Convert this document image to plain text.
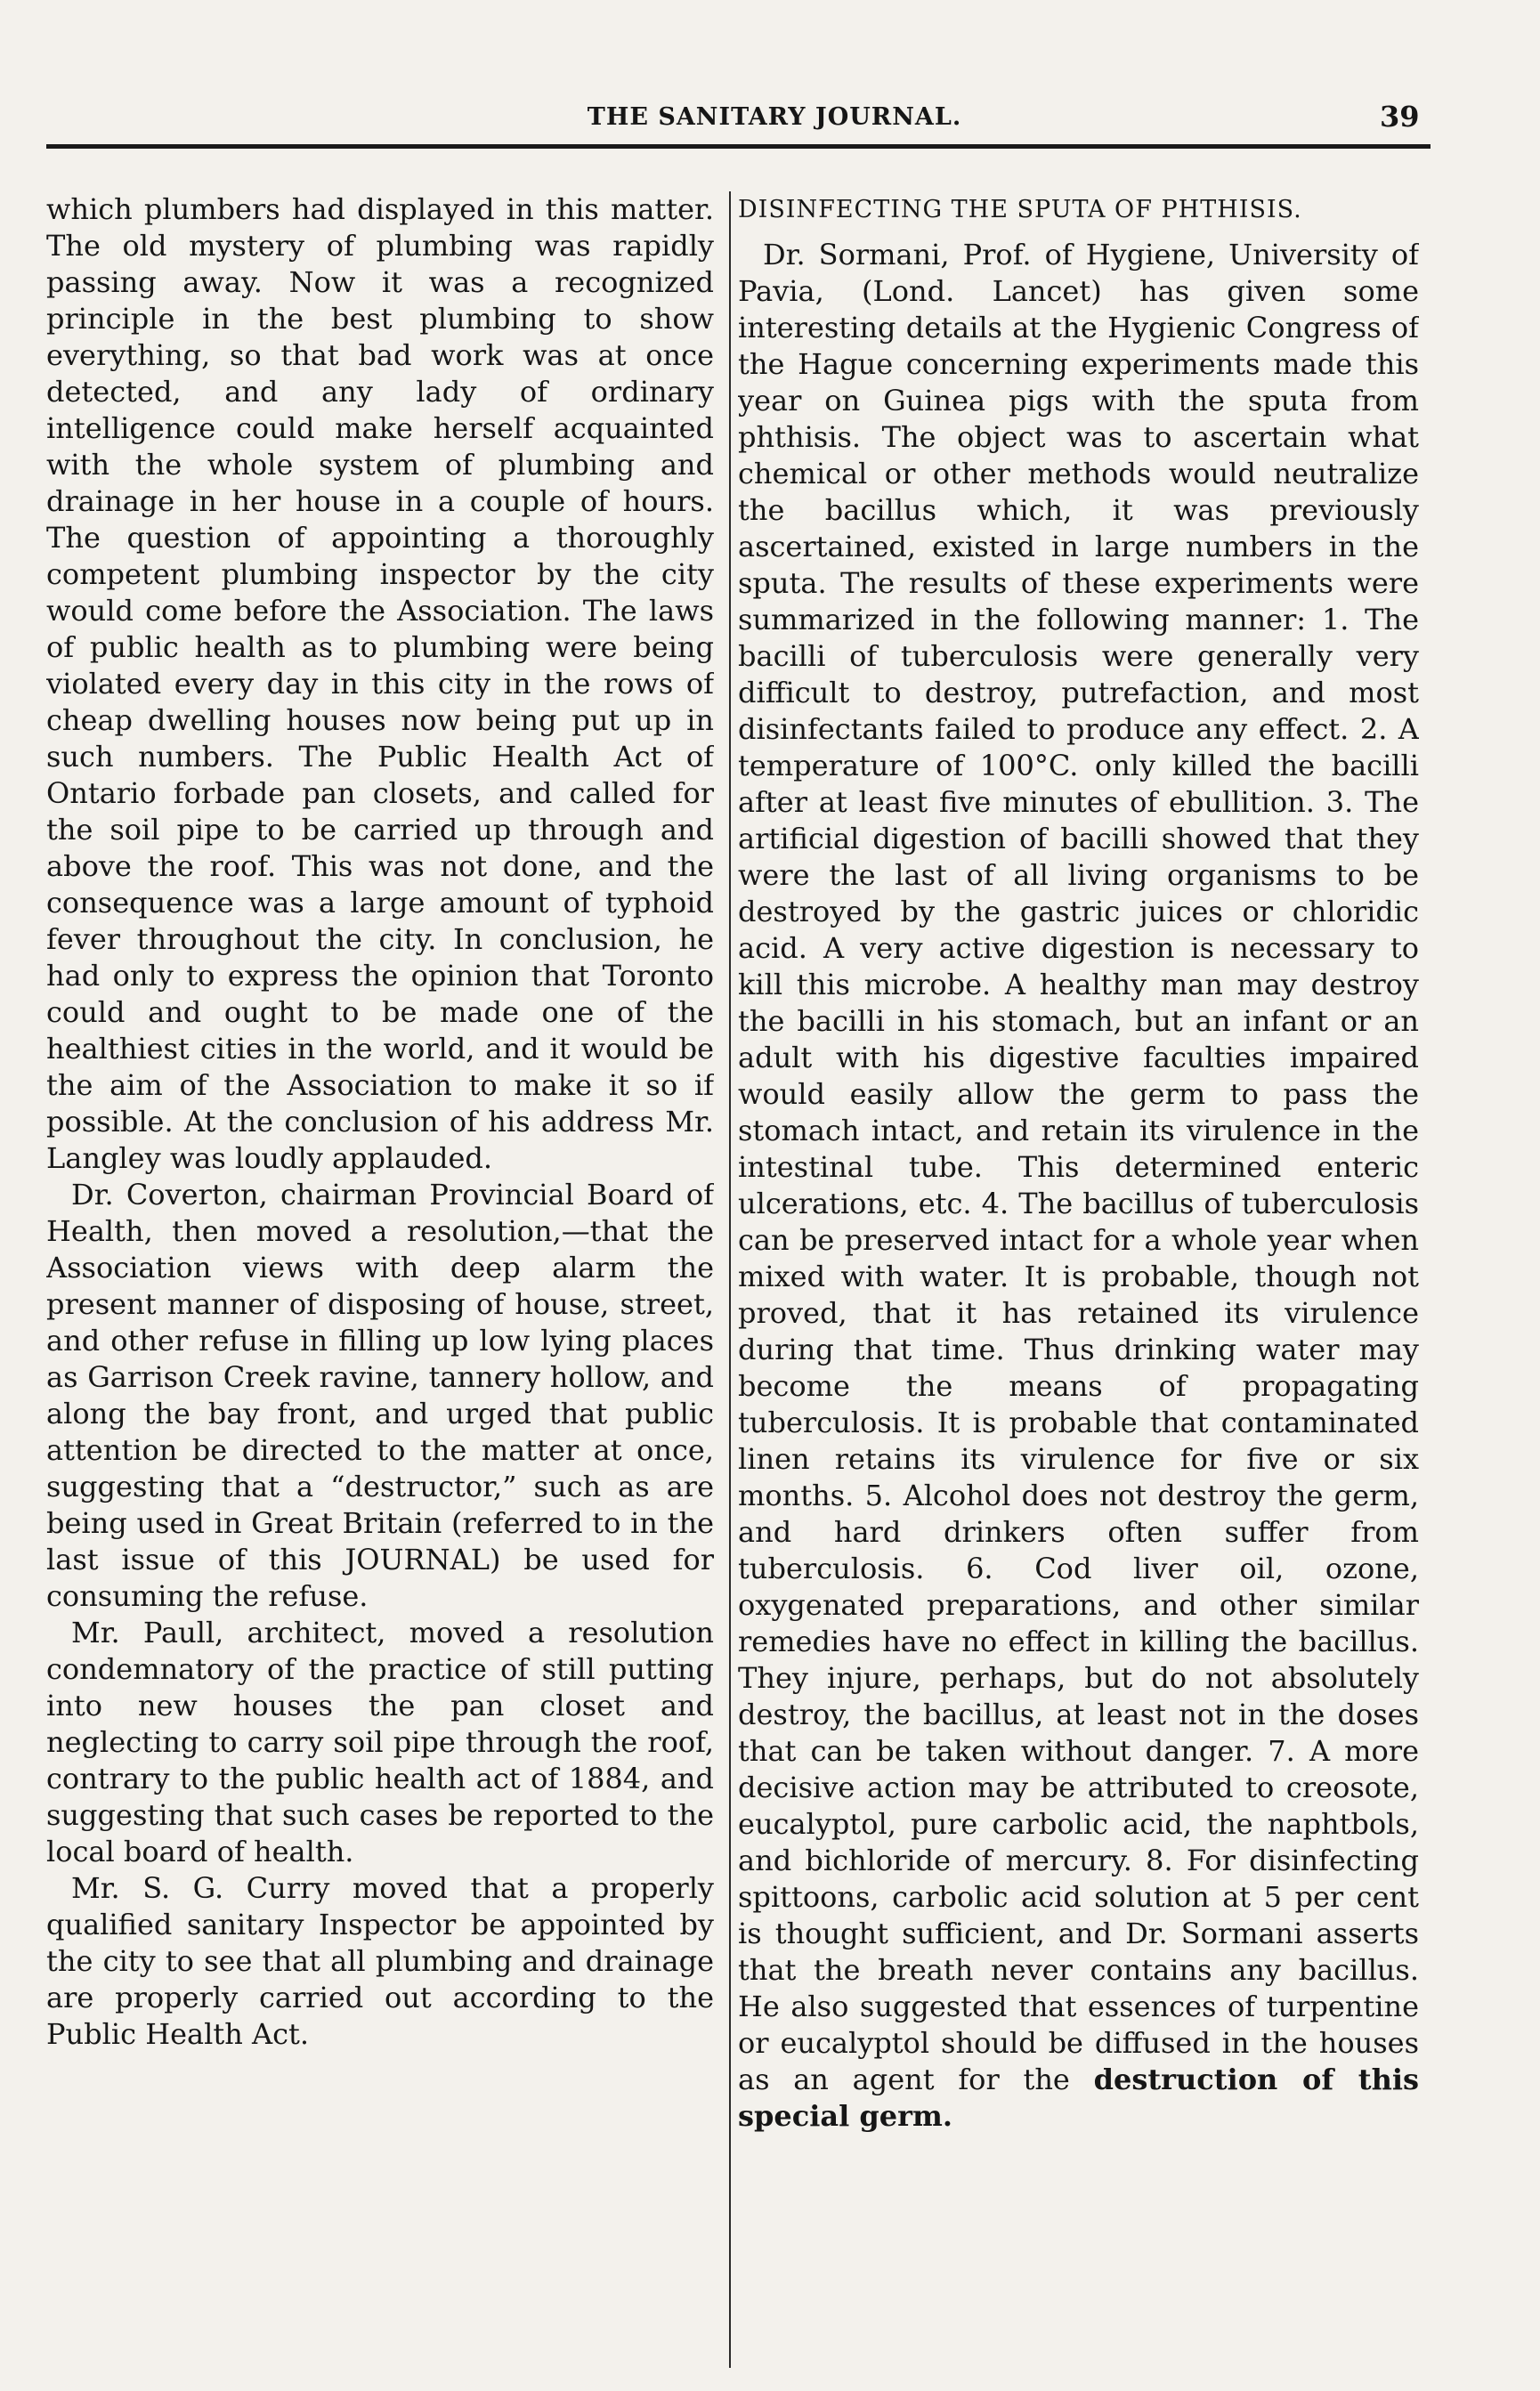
THE SANITARY JOURNAL.	39

which plumbers had displayed in this matter. The old mystery of plumbing was rapidly passing away. Now it was a recognized principle in the best plumbing to show everything, so that bad work was at once detected, and any lady of ordinary intelligence could make herself acquainted with the whole system of plumbing and drainage in her house in a couple of hours. The question of appointing a thoroughly competent plumbing inspector by the city would come before the Association. The laws of public health as to plumbing were being violated every day in this city in the rows of cheap dwelling houses now being put up in such numbers. The Public Health Act of Ontario forbade pan closets, and called for the soil pipe to be carried up through and above the roof. This was not done, and the consequence was a large amount of typhoid fever throughout the city. In conclusion, he had only to express the opinion that Toronto could and ought to be made one of the healthiest cities in the world, and it would be the aim of the Association to make it so if possible. At the conclusion of his address Mr. Langley was loudly applauded.

Dr. Coverton, chairman Provincial Board of Health, then moved a resolution,—that the Association views with deep alarm the present manner of disposing of house, street, and other refuse in filling up low lying places as Garrison Creek ravine, tannery hollow, and along the bay front, and urged that public attention be directed to the matter at once, suggesting that a “destructor,” such as are being used in Great Britain (referred to in the last issue of this JOURNAL) be used for consuming the refuse.

Mr. Paull, architect, moved a resolution condemnatory of the practice of still putting into new houses the pan closet and neglecting to carry soil pipe through the roof, contrary to the public health act of 1884, and suggesting that such cases be reported to the local board of health.

Mr. S. G. Curry moved that a properly qualified sanitary Inspector be appointed by the city to see that all plumbing and drainage are properly carried out according to the Public Health Act.

DISINFECTING THE SPUTA OF PHTHISIS.

Dr. Sormani, Prof. of Hygiene, University of Pavia, (Lond. Lancet) has given some interesting details at the Hygienic Congress of the Hague concerning experiments made this year on Guinea pigs with the sputa from phthisis. The object was to ascertain what chemical or other methods would neutralize the bacillus which, it was previously ascertained, existed in large numbers in the sputa. The results of these experiments were summarized in the following manner: 1. The bacilli of tuberculosis were generally very difficult to destroy, putrefaction, and most disinfectants failed to produce any effect. 2. A temperature of 100°C. only killed the bacilli after at least five minutes of ebullition. 3. The artificial digestion of bacilli showed that they were the last of all living organisms to be destroyed by the gastric juices or chloridic acid. A very active digestion is necessary to kill this microbe. A healthy man may destroy the bacilli in his stomach, but an infant or an adult with his digestive faculties impaired would easily allow the germ to pass the stomach intact, and retain its virulence in the intestinal tube. This determined enteric ulcerations, etc. 4. The bacillus of tuberculosis can be preserved intact for a whole year when mixed with water. It is probable, though not proved, that it has retained its virulence during that time. Thus drinking water may become the means of propagating tuberculosis. It is probable that contaminated linen retains its virulence for five or six months. 5. Alcohol does not destroy the germ, and hard drinkers often suffer from tuberculosis. 6. Cod liver oil, ozone, oxygenated preparations, and other similar remedies have no effect in killing the bacillus. They injure, perhaps, but do not absolutely destroy, the bacillus, at least not in the doses that can be taken without danger. 7. A more decisive action may be attributed to creosote, eucalyptol, pure carbolic acid, the naphtbols, and bichloride of mercury. 8. For disinfecting spittoons, carbolic acid solution at 5 per cent is thought sufficient, and Dr. Sormani asserts that the breath never contains any bacillus. He also suggested that essences of turpentine or eucalyptol should be diffused in the houses as an agent for the destruction of this special germ.
